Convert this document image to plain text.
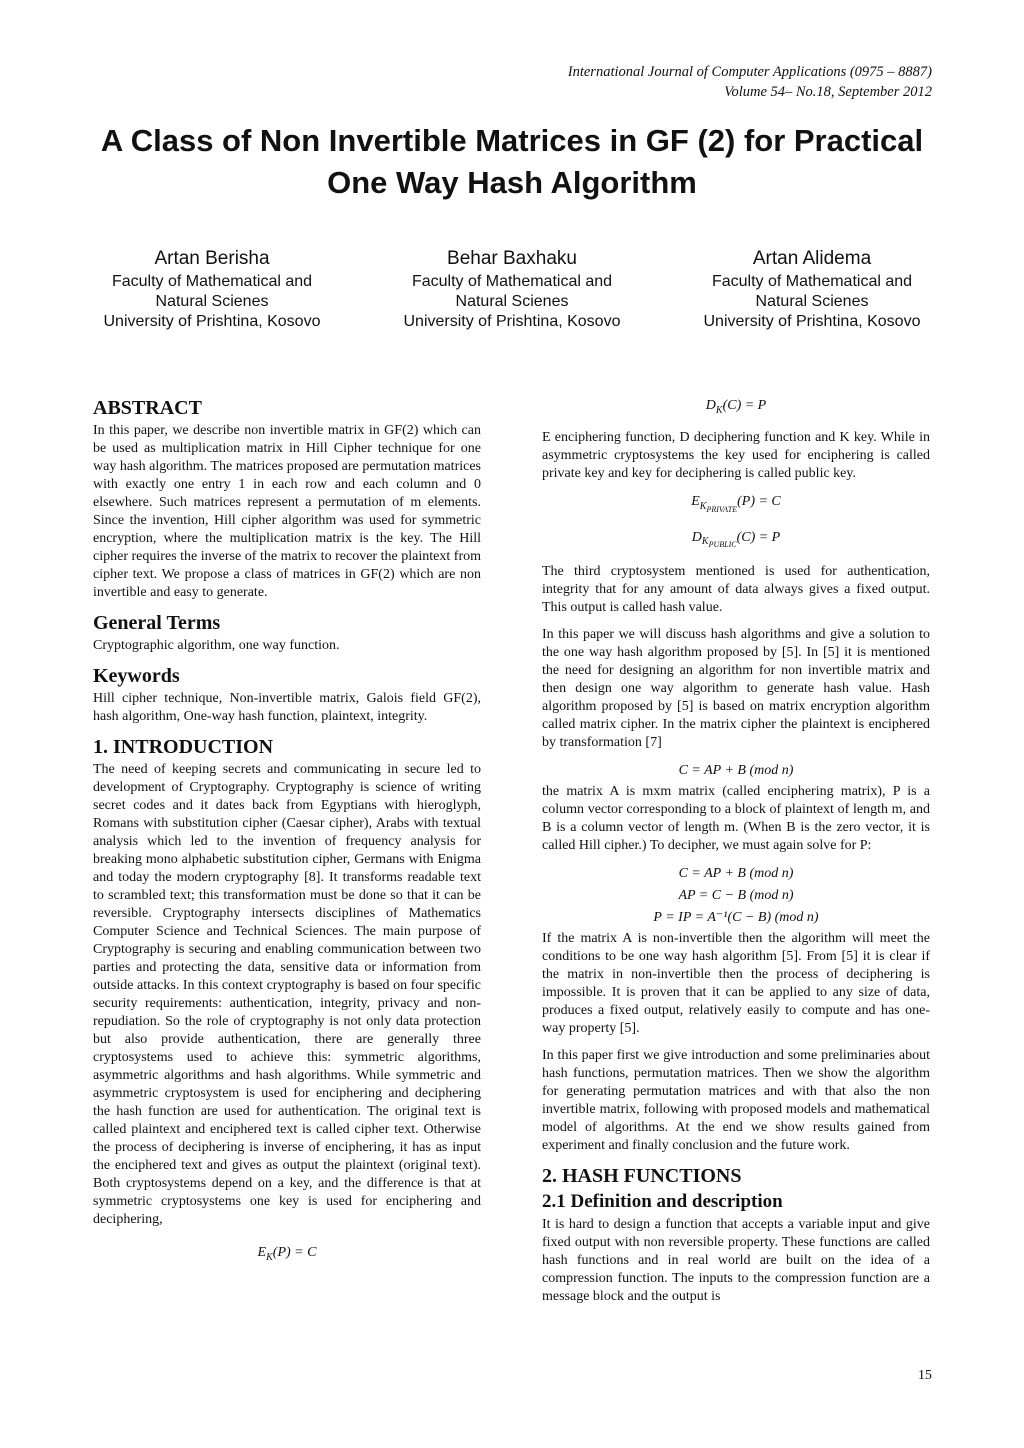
International Journal of Computer Applications (0975 – 8887)
Volume 54– No.18, September 2012
A Class of Non Invertible Matrices in GF (2) for Practical
One Way Hash Algorithm
Artan Berisha
Faculty of Mathematical and
Natural Scienes
University of Prishtina, Kosovo
Behar Baxhaku
Faculty of Mathematical and
Natural Scienes
University of Prishtina, Kosovo
Artan Alidema
Faculty of Mathematical and
Natural Scienes
University of Prishtina, Kosovo
ABSTRACT

In this paper, we describe non invertible matrix in GF(2) which can be used as multiplication matrix in Hill Cipher technique for one way hash algorithm. The matrices proposed are permutation matrices with exactly one entry 1 in each row and each column and 0 elsewhere. Such matrices represent a permutation of m elements. Since the invention, Hill cipher algorithm was used for symmetric encryption, where the multiplication matrix is the key. The Hill cipher requires the inverse of the matrix to recover the plaintext from cipher text. We propose a class of matrices in GF(2) which are non invertible and easy to generate.

General Terms

Cryptographic algorithm, one way function.

Keywords

Hill cipher technique, Non-invertible matrix, Galois field GF(2), hash algorithm, One-way hash function, plaintext, integrity.

1. INTRODUCTION

The need of keeping secrets and communicating in secure led to development of Cryptography. Cryptography is science of writing secret codes and it dates back from Egyptians with hieroglyph, Romans with substitution cipher (Caesar cipher), Arabs with textual analysis which led to the invention of frequency analysis for breaking mono alphabetic substitution cipher, Germans with Enigma and today the modern cryptography [8]. It transforms readable text to scrambled text; this transformation must be done so that it can be reversible. Cryptography intersects disciplines of Mathematics Computer Science and Technical Sciences. The main purpose of Cryptography is securing and enabling communication between two parties and protecting the data, sensitive data or information from outside attacks. In this context cryptography is based on four specific security requirements: authentication, integrity, privacy and non-repudiation. So the role of cryptography is not only data protection but also provide authentication, there are generally three cryptosystems used to achieve this: symmetric algorithms, asymmetric algorithms and hash algorithms. While symmetric and asymmetric cryptosystem is used for enciphering and deciphering the hash function are used for authentication. The original text is called plaintext and enciphered text is called cipher text. Otherwise the process of deciphering is inverse of enciphering, it has as input the enciphered text and gives as output the plaintext (original text). Both cryptosystems depend on a key, and the difference is that at symmetric cryptosystems one key is used for enciphering and deciphering,

$E_K(P) = C$
$D_K(C) = P$

E enciphering function, D deciphering function and K key. While in asymmetric cryptosystems the key used for enciphering is called private key and key for deciphering is called public key.

$E_{K_{PRIVATE}}(P) = C$
$D_{K_{PUBLIC}}(C) = P$

The third cryptosystem mentioned is used for authentication, integrity that for any amount of data always gives a fixed output. This output is called hash value.

In this paper we will discuss hash algorithms and give a solution to the one way hash algorithm proposed by [5]. In [5] it is mentioned the need for designing an algorithm for non invertible matrix and then design one way algorithm to generate hash value. Hash algorithm proposed by [5] is based on matrix encryption algorithm called matrix cipher. In the matrix cipher the plaintext is enciphered by transformation [7]

C = AP + B (mod n)

the matrix A is mxm matrix (called enciphering matrix), P is a column vector corresponding to a block of plaintext of length m, and B is a column vector of length m. (When B is the zero vector, it is called Hill cipher.) To decipher, we must again solve for P:

C = AP + B (mod n)
AP = C − B (mod n)
P = IP = A⁻¹(C − B) (mod n)

If the matrix A is non-invertible then the algorithm will meet the conditions to be one way hash algorithm [5]. From [5] it is clear if the matrix in non-invertible then the process of deciphering is impossible. It is proven that it can be applied to any size of data, produces a fixed output, relatively easily to compute and has one-way property [5].

In this paper first we give introduction and some preliminaries about hash functions, permutation matrices. Then we show the algorithm for generating permutation matrices and with that also the non invertible matrix, following with proposed models and mathematical model of algorithms. At the end we show results gained from experiment and finally conclusion and the future work.

2. HASH FUNCTIONS
2.1 Definition and description

It is hard to design a function that accepts a variable input and give fixed output with non reversible property. These functions are called hash functions and in real world are built on the idea of a compression function. The inputs to the compression function are a message block and the output is

15
